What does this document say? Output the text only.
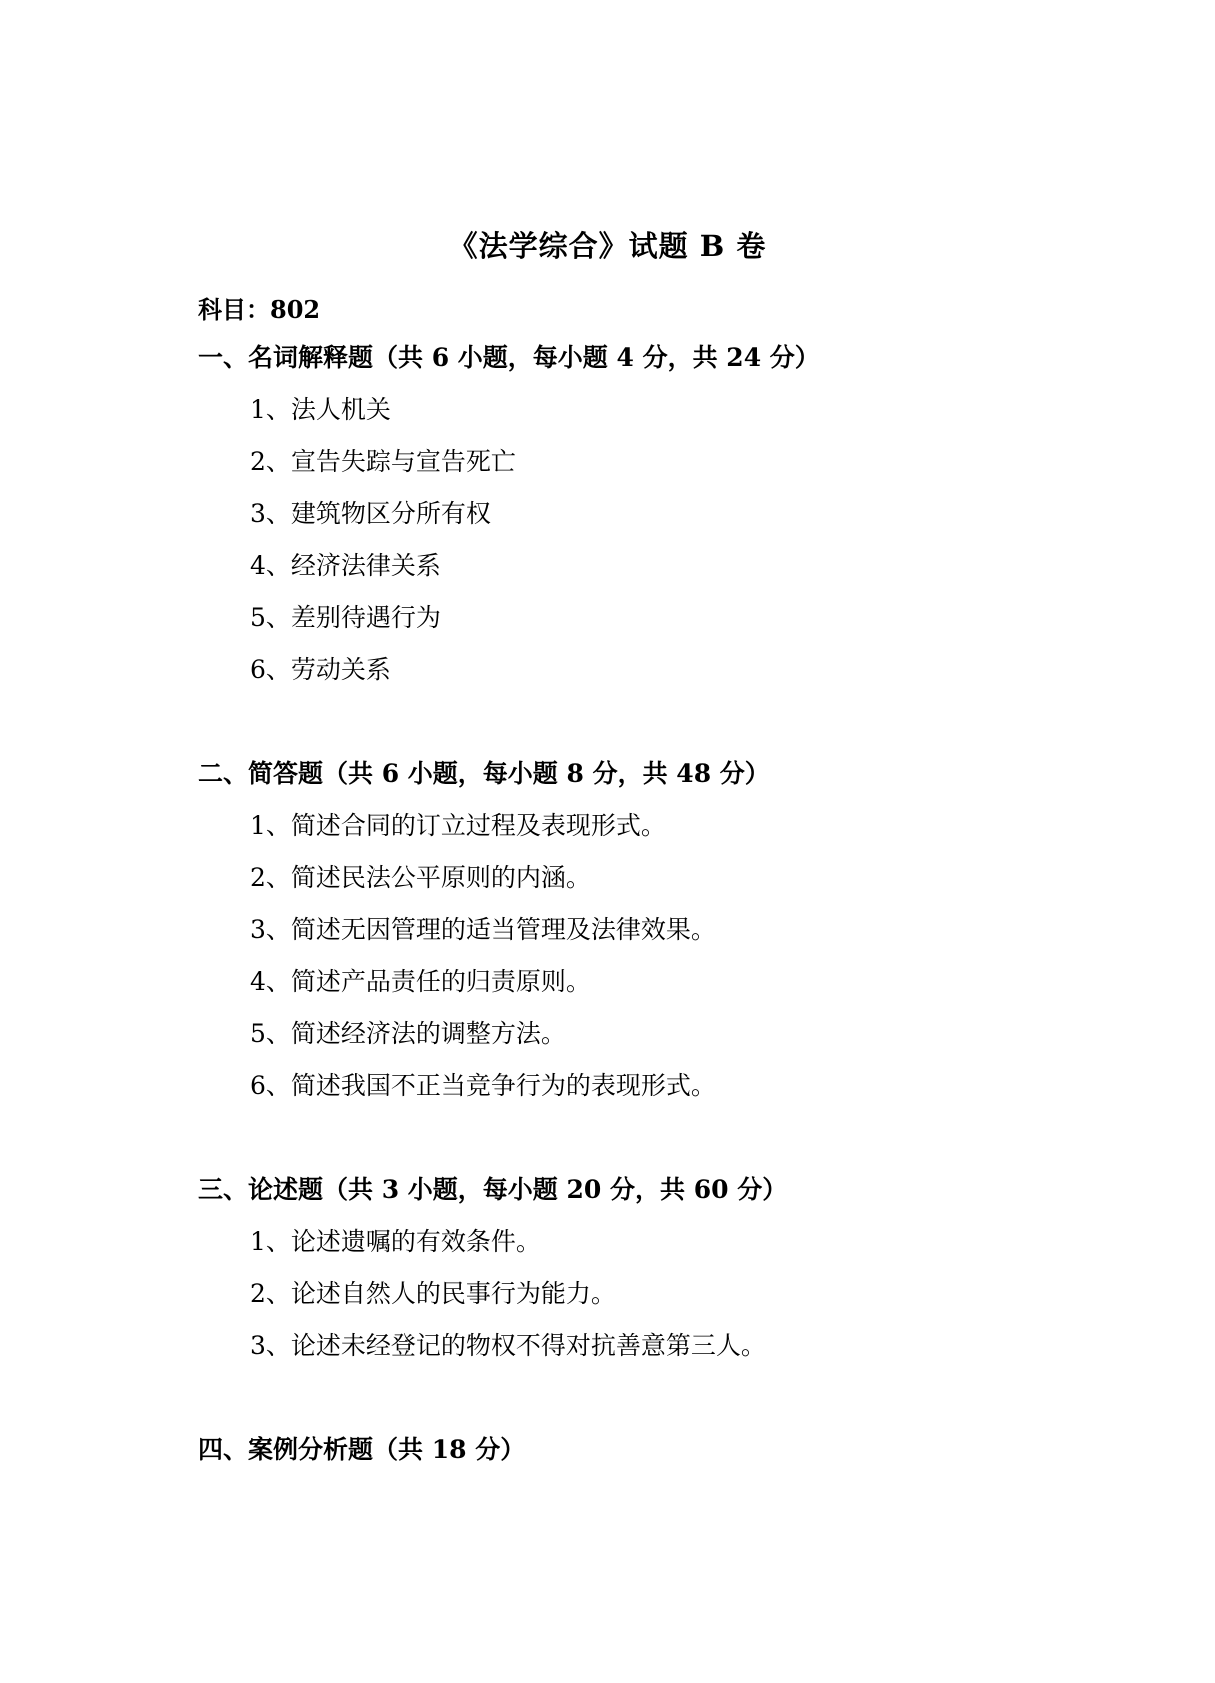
《法学综合》试题 B 卷
科目：802
一、名词解释题（共 6 小题，每小题 4 分，共 24 分）
1、法人机关
2、宣告失踪与宣告死亡
3、建筑物区分所有权
4、经济法律关系
5、差别待遇行为
6、劳动关系
二、简答题（共 6 小题，每小题 8 分，共 48 分）
1、简述合同的订立过程及表现形式。
2、简述民法公平原则的内涵。
3、简述无因管理的适当管理及法律效果。
4、简述产品责任的归责原则。
5、简述经济法的调整方法。
6、简述我国不正当竞争行为的表现形式。
三、论述题（共 3 小题，每小题 20 分，共 60 分）
1、论述遗嘱的有效条件。
2、论述自然人的民事行为能力。
3、论述未经登记的物权不得对抗善意第三人。
四、案例分析题（共 18 分）
